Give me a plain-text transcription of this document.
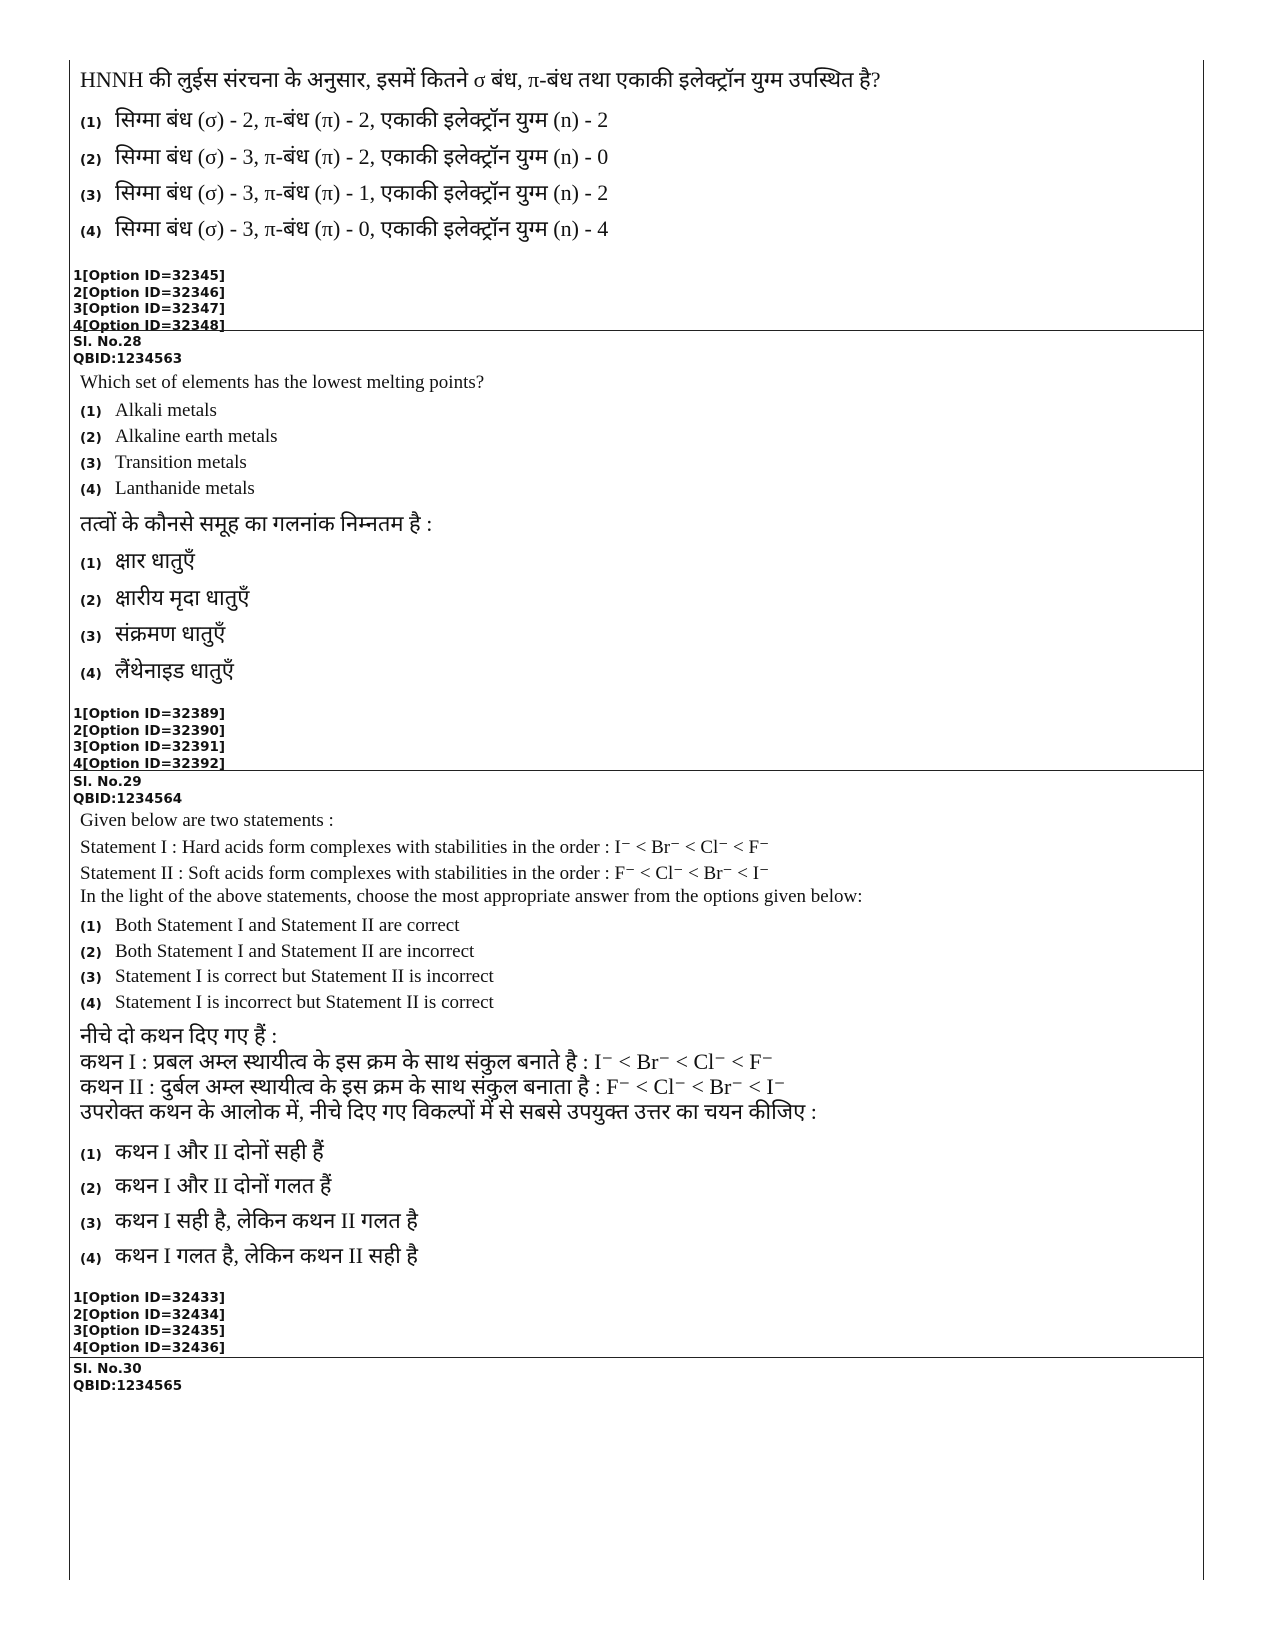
HNNH की लुईस संरचना के अनुसार, इसमें कितने σ बंध, π-बंध तथा एकाकी इलेक्ट्रॉन युग्म उपस्थित है?
(1) सिग्मा बंध (σ) - 2, π-बंध (π) - 2, एकाकी इलेक्ट्रॉन युग्म (n) - 2
(2) सिग्मा बंध (σ) - 3, π-बंध (π) - 2, एकाकी इलेक्ट्रॉन युग्म (n) - 0
(3) सिग्मा बंध (σ) - 3, π-बंध (π) - 1, एकाकी इलेक्ट्रॉन युग्म (n) - 2
(4) सिग्मा बंध (σ) - 3, π-बंध (π) - 0, एकाकी इलेक्ट्रॉन युग्म (n) - 4
1[Option ID=32345]
2[Option ID=32346]
3[Option ID=32347]
4[Option ID=32348]
Sl. No.28
QBID:1234563
Which set of elements has the lowest melting points?
(1) Alkali metals
(2) Alkaline earth metals
(3) Transition metals
(4) Lanthanide metals
तत्वों के कौनसे समूह का गलनांक निम्नतम है :
(1) क्षार धातुएँ
(2) क्षारीय मृदा धातुएँ
(3) संक्रमण धातुएँ
(4) लैंथेनाइड धातुएँ
1[Option ID=32389]
2[Option ID=32390]
3[Option ID=32391]
4[Option ID=32392]
Sl. No.29
QBID:1234564
Given below are two statements :
Statement I : Hard acids form complexes with stabilities in the order : I⁻ < Br⁻ < Cl⁻ < F⁻
Statement II : Soft acids form complexes with stabilities in the order : F⁻ < Cl⁻ < Br⁻ < I⁻
In the light of the above statements, choose the most appropriate answer from the options given below:
(1) Both Statement I and Statement II are correct
(2) Both Statement I and Statement II are incorrect
(3) Statement I is correct but Statement II is incorrect
(4) Statement I is incorrect but Statement II is correct
नीचे दो कथन दिए गए हैं :
कथन I : प्रबल अम्ल स्थायीत्व के इस क्रम के साथ संकुल बनाते है : I⁻ < Br⁻ < Cl⁻ < F⁻
कथन II : दुर्बल अम्ल स्थायीत्व के इस क्रम के साथ संकुल बनाता है : F⁻ < Cl⁻ < Br⁻ < I⁻
उपरोक्त कथन के आलोक में, नीचे दिए गए विकल्पों में से सबसे उपयुक्त उत्तर का चयन कीजिए :
(1) कथन I और II दोनों सही हैं
(2) कथन I और II दोनों गलत हैं
(3) कथन I सही है, लेकिन कथन II गलत है
(4) कथन I गलत है, लेकिन कथन II सही है
1[Option ID=32433]
2[Option ID=32434]
3[Option ID=32435]
4[Option ID=32436]
Sl. No.30
QBID:1234565
